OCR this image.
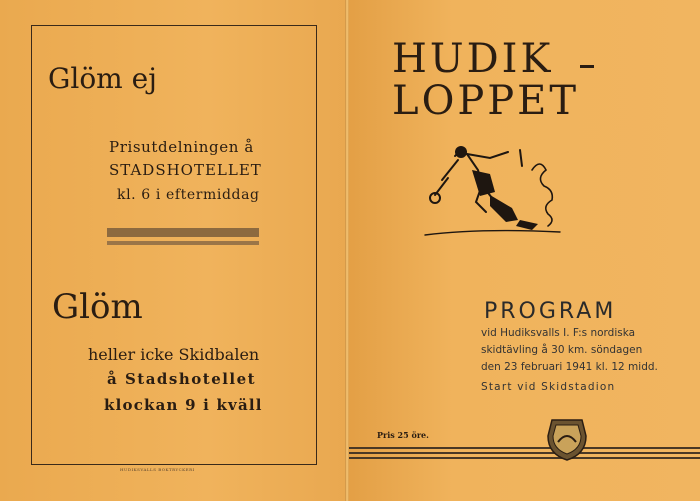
Glöm ej
Prisutdelningen å
STADSHOTELLET
kl. 6 i eftermiddag
Glöm
heller icke Skidbalen
å Stadshotellet
klockan 9 i kväll
HUDIKSVALLS BOKTRYCKERI
HUDIK
LOPPET
PROGRAM
vid Hudiksvalls I. F:s nordiska
skidtävling å 30 km. söndagen
den 23 februari 1941 kl. 12 midd.
Start vid Skidstadion
Pris 25 öre.
